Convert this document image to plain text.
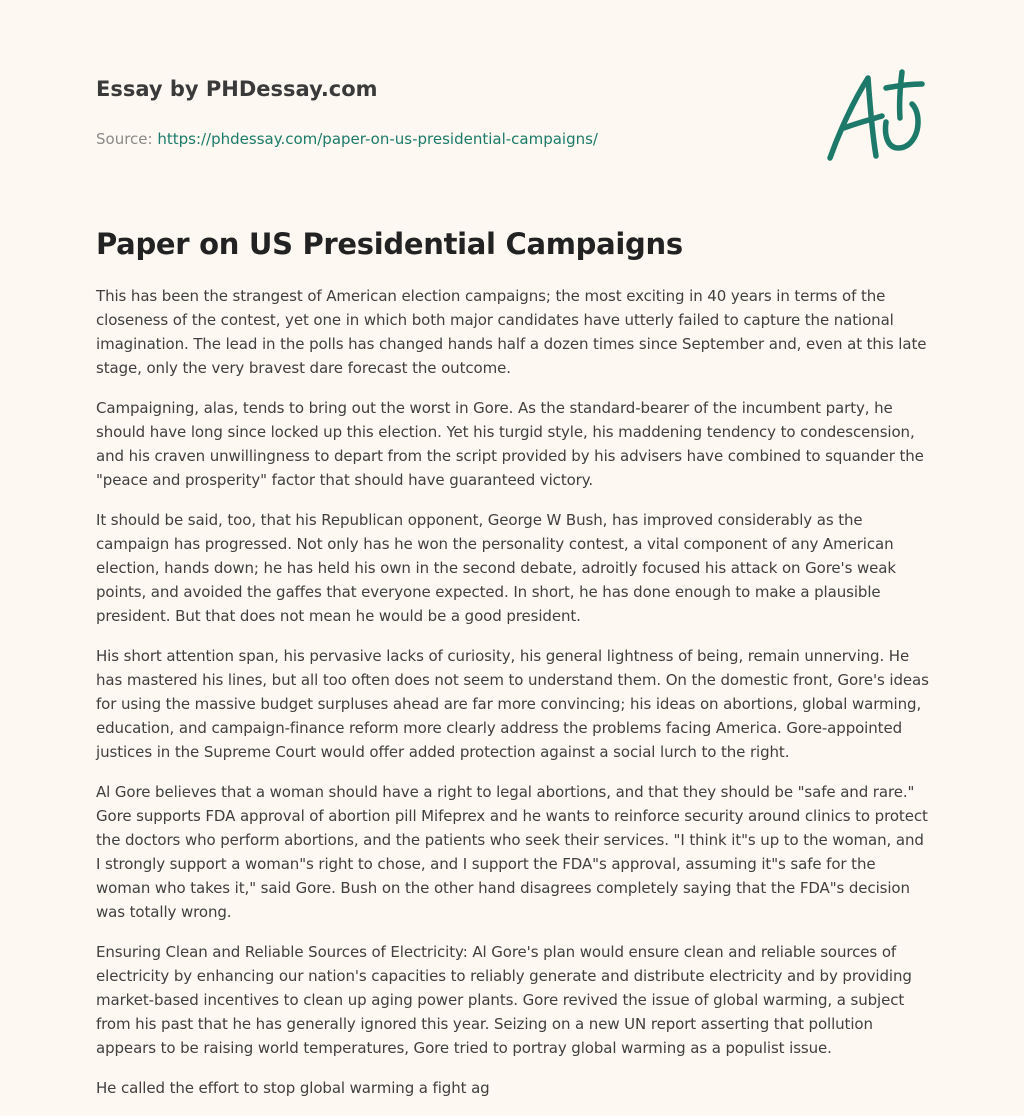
Essay by PHDessay.com
Source: https://phdessay.com/paper-on-us-presidential-campaigns/
Paper on US Presidential Campaigns

This has been the strangest of American election campaigns; the most exciting in 40 years in terms of the closeness of the contest, yet one in which both major candidates have utterly failed to capture the national imagination. The lead in the polls has changed hands half a dozen times since September and, even at this late stage, only the very bravest dare forecast the outcome.

Campaigning, alas, tends to bring out the worst in Gore. As the standard-bearer of the incumbent party, he should have long since locked up this election. Yet his turgid style, his maddening tendency to condescension, and his craven unwillingness to depart from the script provided by his advisers have combined to squander the "peace and prosperity" factor that should have guaranteed victory.

It should be said, too, that his Republican opponent, George W Bush, has improved considerably as the campaign has progressed. Not only has he won the personality contest, a vital component of any American election, hands down; he has held his own in the second debate, adroitly focused his attack on Gore's weak points, and avoided the gaffes that everyone expected. In short, he has done enough to make a plausible president. But that does not mean he would be a good president.

His short attention span, his pervasive lacks of curiosity, his general lightness of being, remain unnerving. He has mastered his lines, but all too often does not seem to understand them. On the domestic front, Gore's ideas for using the massive budget surpluses ahead are far more convincing; his ideas on abortions, global warming, education, and campaign-finance reform more clearly address the problems facing America. Gore-appointed justices in the Supreme Court would offer added protection against a social lurch to the right.

Al Gore believes that a woman should have a right to legal abortions, and that they should be "safe and rare." Gore supports FDA approval of abortion pill Mifeprex and he wants to reinforce security around clinics to protect the doctors who perform abortions, and the patients who seek their services. "I think it"s up to the woman, and I strongly support a woman"s right to chose, and I support the FDA"s approval, assuming it"s safe for the woman who takes it," said Gore. Bush on the other hand disagrees completely saying that the FDA"s decision was totally wrong.

Ensuring Clean and Reliable Sources of Electricity: Al Gore's plan would ensure clean and reliable sources of electricity by enhancing our nation's capacities to reliably generate and distribute electricity and by providing market-based incentives to clean up aging power plants. Gore revived the issue of global warming, a subject from his past that he has generally ignored this year. Seizing on a new UN report asserting that pollution appears to be raising world temperatures, Gore tried to portray global warming as a populist issue.

He called the effort to stop global warming a fight ag
